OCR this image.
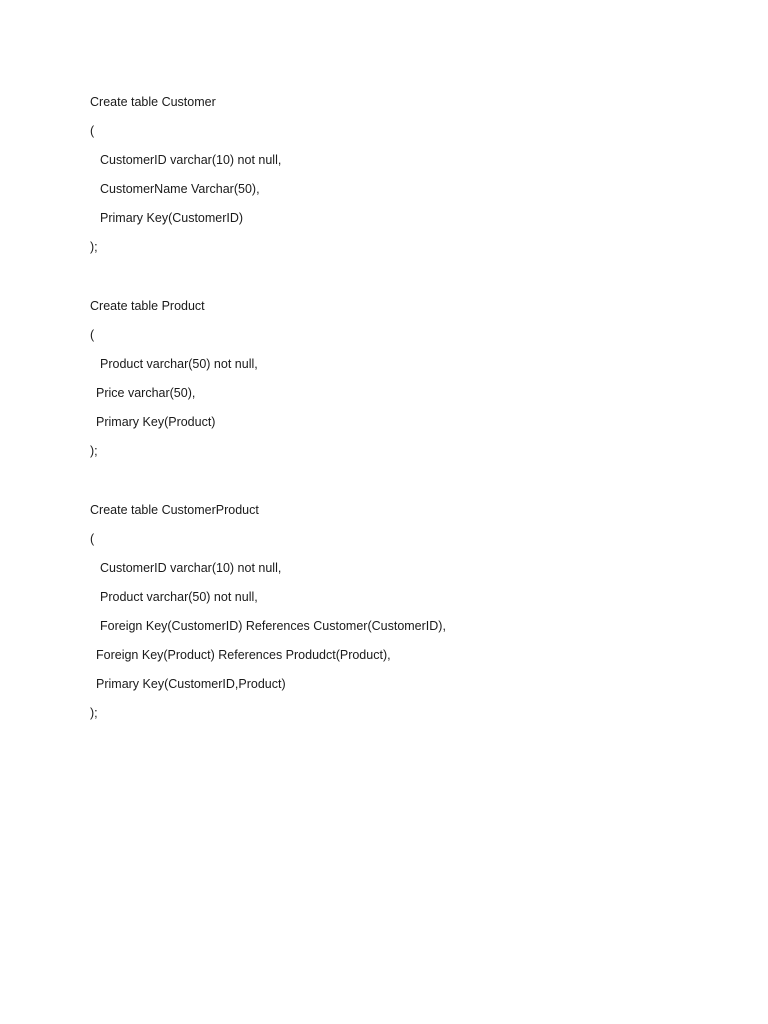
Create table Customer
(
CustomerID varchar(10) not null,
CustomerName Varchar(50),
Primary Key(CustomerID)
);
Create table Product
(
Product varchar(50) not null,
Price varchar(50),
Primary Key(Product)
);
Create table CustomerProduct
(
CustomerID varchar(10) not null,
Product varchar(50) not null,
Foreign Key(CustomerID) References Customer(CustomerID),
Foreign Key(Product) References Produdct(Product),
Primary Key(CustomerID,Product)
);
